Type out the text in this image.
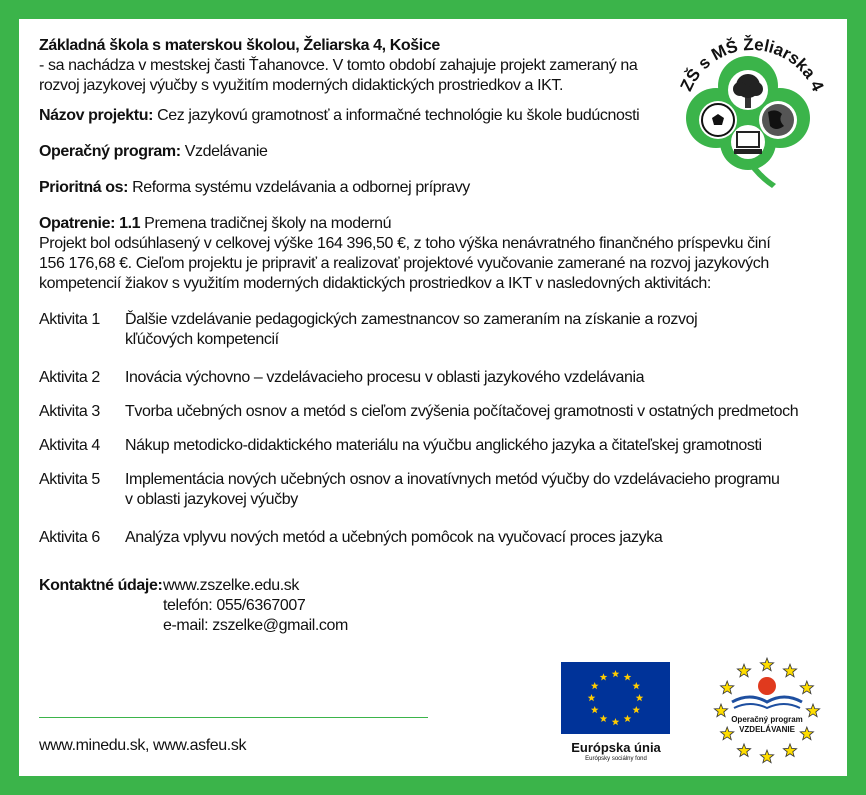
Základná škola s materskou školou, Želiarska 4, Košice
- sa nachádza v mestskej časti Ťahanovce. V tomto období zahajuje projekt zameraný na
rozvoj jazykovej výučby s využitím moderných didaktických prostriedkov a IKT.
Názov projektu: Cez jazykovú gramotnosť a informačné technológie ku škole budúcnosti
Operačný program: Vzdelávanie
Prioritná os: Reforma systému vzdelávania a odbornej prípravy
Opatrenie: 1.1 Premena tradičnej školy na modernú
Projekt bol odsúhlasený v celkovej výške 164 396,50 €, z toho výška nenávratného finančného príspevku činí
156 176,68 €. Cieľom projektu je pripraviť a realizovať projektové vyučovanie zamerané na rozvoj jazykových
kompetencií žiakov s využitím moderných didaktických prostriedkov a IKT v nasledovných aktivitách:
Aktivita 1	Ďalšie vzdelávanie pedagogických zamestnancov so zameraním na získanie a rozvoj
kľúčových kompetencií
Aktivita 2	Inovácia výchovno – vzdelávacieho procesu v oblasti jazykového vzdelávania
Aktivita 3	Tvorba učebných osnov a metód s cieľom zvýšenia počítačovej gramotnosti v ostatných predmetoch
Aktivita 4	Nákup metodicko-didaktického materiálu na výučbu anglického jazyka a čitateľskej gramotnosti
Aktivita 5	Implementácia nových učebných osnov a inovatívnych metód výučby do vzdelávacieho programu
v oblasti jazykovej výučby
Aktivita 6	Analýza vplyvu nových metód a učebných pomôcok na vyučovací proces jazyka
Kontaktné údaje: www.zszelke.edu.sk
telefón: 055/6367007
e-mail: zszelke@gmail.com
www.minedu.sk, www.asfeu.sk
ZŠ s MŠ Želiarska 4
Európska únia
Európsky sociálny fond
Operačný program
VZDELÁVANIE
